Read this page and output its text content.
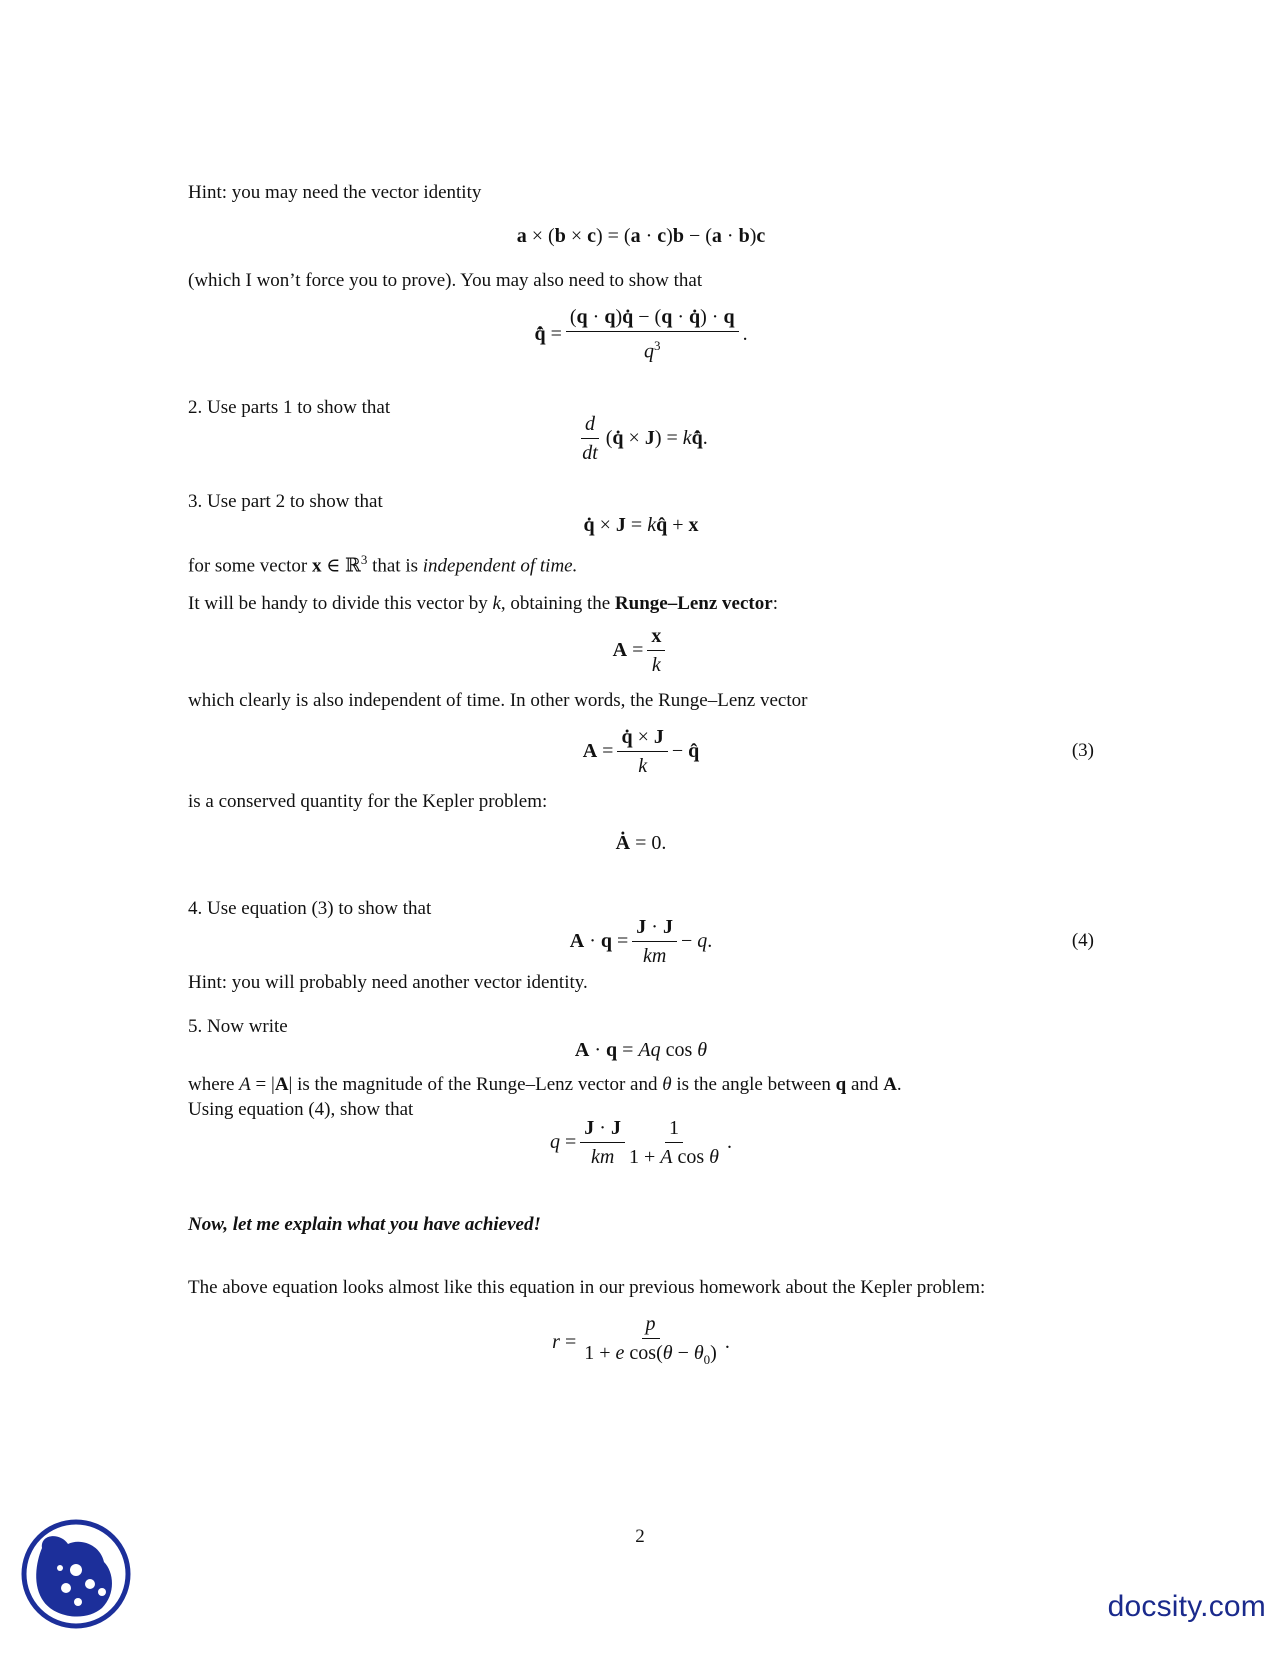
Hint: you may need the vector identity
a × (b × c) = (a · c)b − (a · b)c
(which I won’t force you to prove). You may also need to show that
q̂̇ = $\frac{(q \cdot q)q̇ - (q \cdot q̇) \cdot q}{q^3}$ .
2. Use parts 1 to show that
$\frac{d}{dt}$ (q̇ × J) = kq̂̇.
3. Use part 2 to show that
q̇ × J = kq̂ + x
for some vector x ∈ ℝ$^3$ that is independent of time.
It will be handy to divide this vector by k, obtaining the Runge–Lenz vector:
$A = \frac{x}{k}$
which clearly is also independent of time. In other words, the Runge–Lenz vector
$A = \frac{q̇ \times J}{k}$ − q̂	(3)
is a conserved quantity for the Kepler problem:
Ȧ = 0.
4. Use equation (3) to show that
$A \cdot q = \frac{J \cdot J}{km} - q$.	(4)
Hint: you will probably need another vector identity.
5. Now write
A · q = Aq cos θ
where A = |A| is the magnitude of the Runge–Lenz vector and θ is the angle between q and A.
Using equation (4), show that
$q = \frac{J \cdot J}{km} \frac{1}{\text{1 + A cos θ}}$ .
Now, let me explain what you have achieved!
The above equation looks almost like this equation in our previous homework about the Kepler problem:
$r = \frac{p}{1 + e \cos(\theta - \theta_0)}$ .
2
docsity.com
